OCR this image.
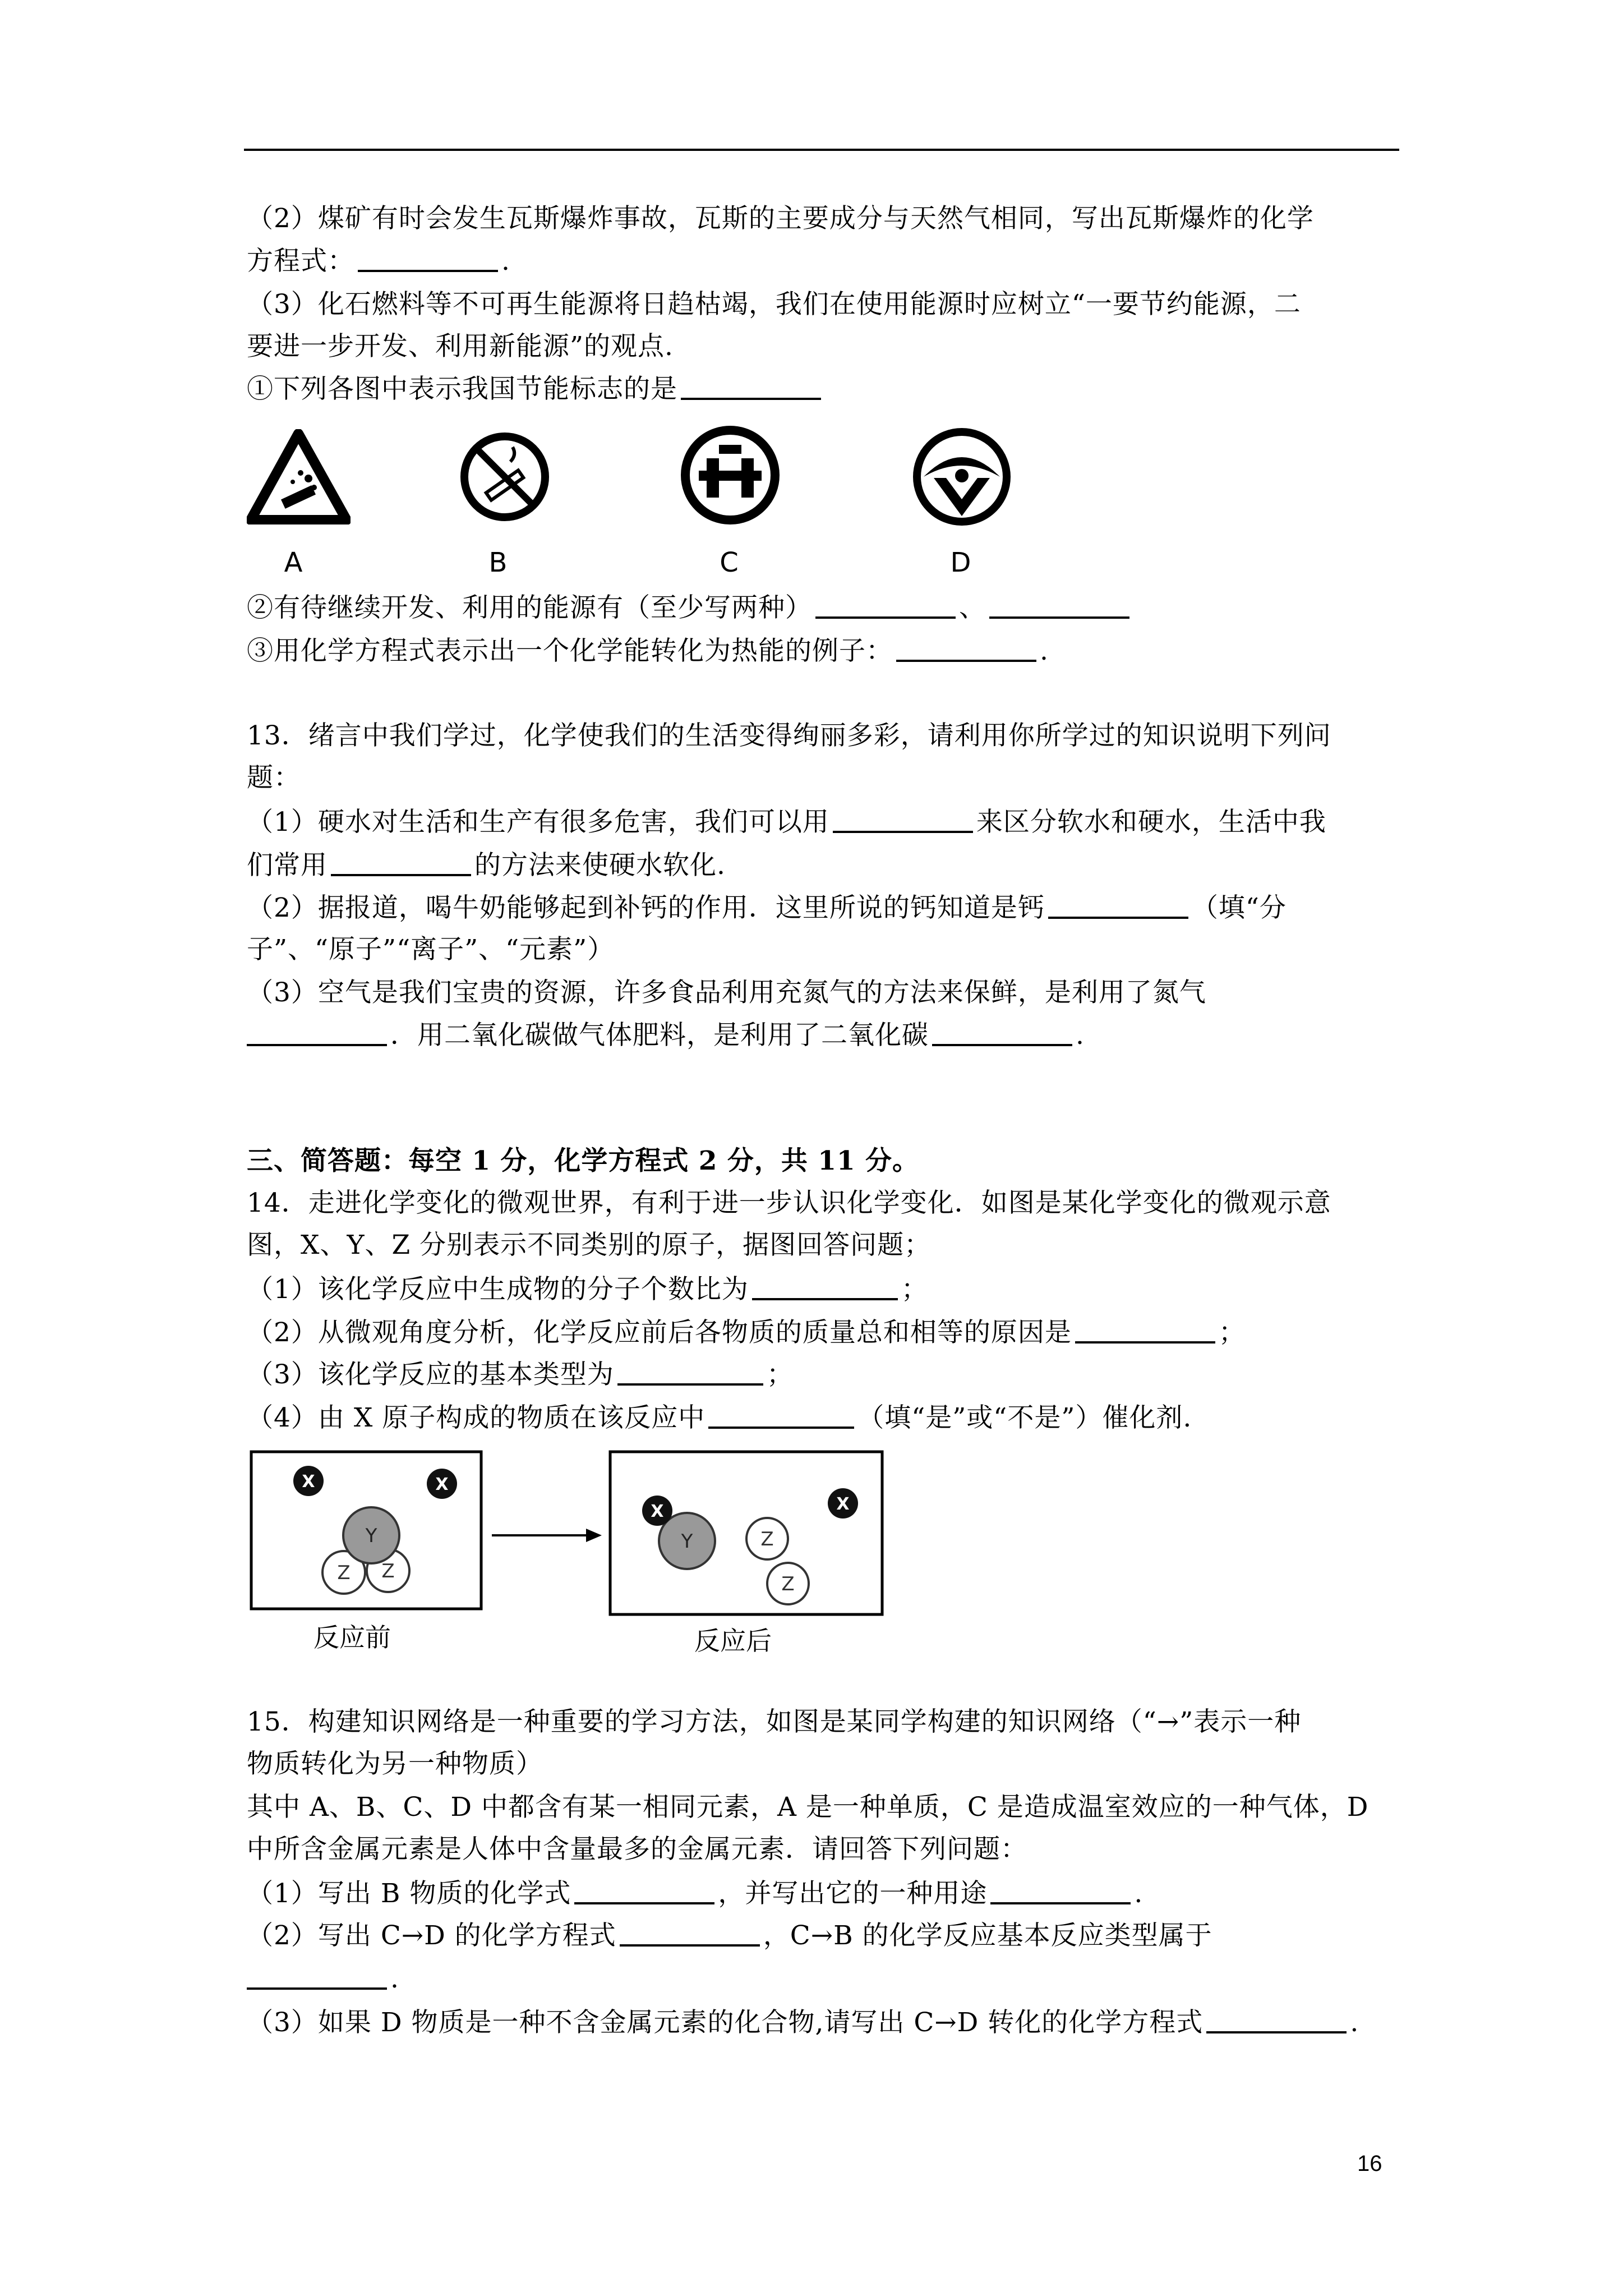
（2）煤矿有时会发生瓦斯爆炸事故，瓦斯的主要成分与天然气相同，写出瓦斯爆炸的化学
方程式：	.
（3）化石燃料等不可再生能源将日趋枯竭，我们在使用能源时应树立“一要节约能源，二
要进一步开发、利用新能源”的观点.
①下列各图中表示我国节能标志的是
A	B	C	D
②有待继续开发、利用的能源有（至少写两种）	、
③用化学方程式表示出一个化学能转化为热能的例子：	.
13．绪言中我们学过，化学使我们的生活变得绚丽多彩，请利用你所学过的知识说明下列问
题：
（1）硬水对生活和生产有很多危害，我们可以用	来区分软水和硬水，生活中我
们常用	的方法来使硬水软化.
（2）据报道，喝牛奶能够起到补钙的作用．这里所说的钙知道是钙	（填“分
子”、“原子”“离子”、“元素”）
（3）空气是我们宝贵的资源，许多食品利用充氮气的方法来保鲜，是利用了氮气
．用二氧化碳做气体肥料，是利用了二氧化碳	.
三、简答题：每空 1 分，化学方程式 2 分，共 11 分。
14．走进化学变化的微观世界，有利于进一步认识化学变化．如图是某化学变化的微观示意
图，X、Y、Z 分别表示不同类别的原子，据图回答问题；
（1）该化学反应中生成物的分子个数比为	；
（2）从微观角度分析，化学反应前后各物质的质量总和相等的原因是	；
（3）该化学反应的基本类型为	；
（4）由 X 原子构成的物质在该反应中	（填“是”或“不是”）催化剂.
X	X
Z Z
Y	Y
X	X
Z
Z
反应前	反应后
15．构建知识网络是一种重要的学习方法，如图是某同学构建的知识网络（“→”表示一种
物质转化为另一种物质）
其中 A、B、C、D 中都含有某一相同元素，A 是一种单质，C 是造成温室效应的一种气体，D
中所含金属元素是人体中含量最多的金属元素．请回答下列问题：
（1）写出 B 物质的化学式	，并写出它的一种用途	.
（2）写出 C→D 的化学方程式	，C→B 的化学反应基本反应类型属于
.
（3）如果 D 物质是一种不含金属元素的化合物,请写出 C→D 转化的化学方程式	.
16
